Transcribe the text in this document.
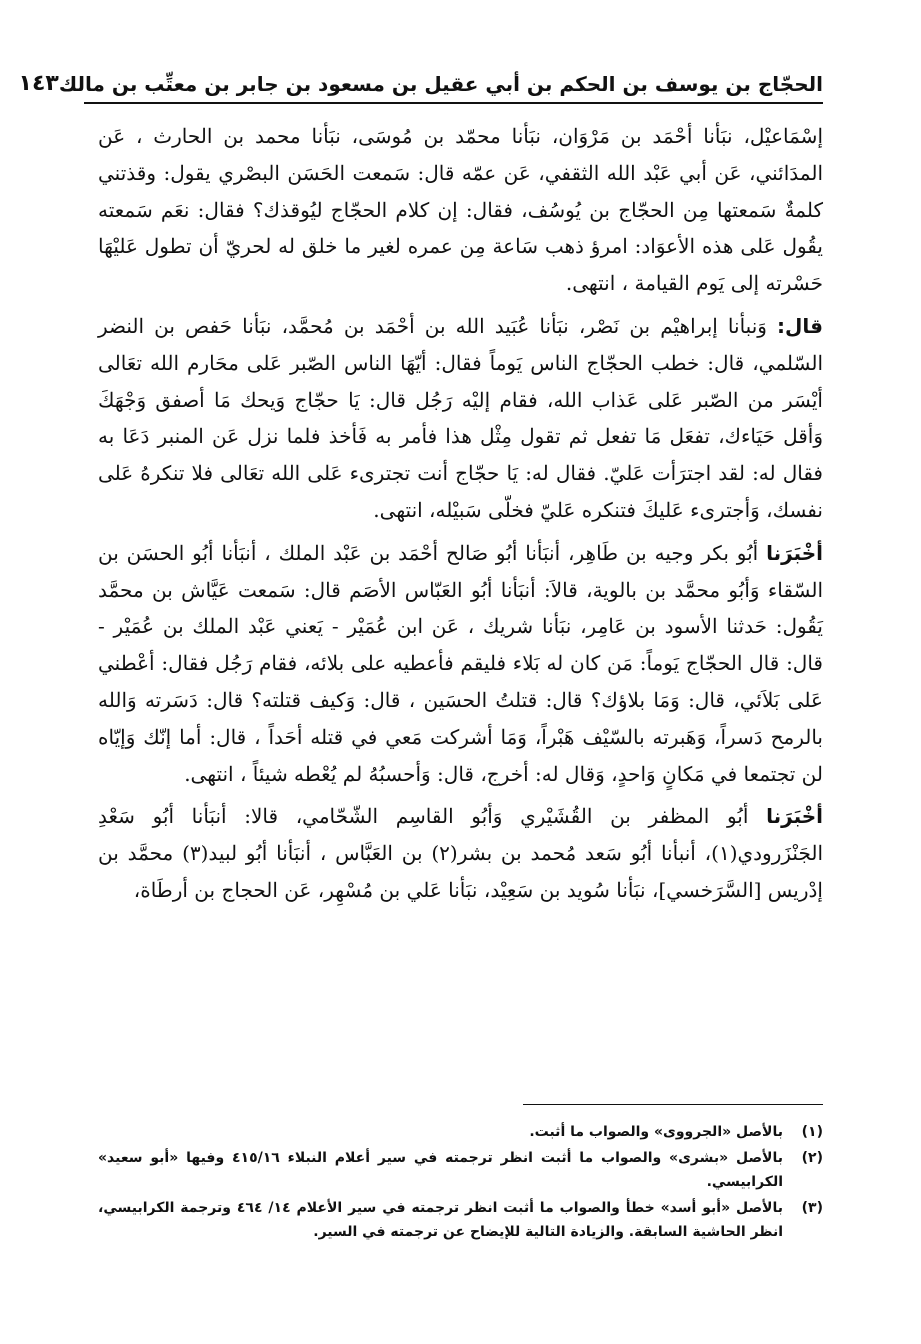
الحجّاج بن يوسف بن الحكم بن أبي عقيل بن مسعود بن جابر بن معتِّب بن مالك
١٤٣

إسْمَاعيْل، نبَأنا أحْمَد بن مَرْوَان، نبَأنا محمّد بن مُوسَى، نبَأنا محمد بن الحارث ، عَن المدَائني، عَن أبي عَبْد الله الثقفي، عَن عمّه قال: سَمعت الحَسَن البصْري يقول: وقذتني كلمةٌ سَمعتها مِن الحجّاج بن يُوسُف، فقال: إن كلام الحجّاج ليُوقذك؟ فقال: نعَم سَمعته يقُول عَلى هذه الأعوَاد: امرؤ ذهب سَاعة مِن عمره لغير ما خلق له لحريّ أن تطول عَليْهَا حَسْرته إلى يَوم القيامة ، انتهى.

قال: وَنبأنا إبراهيْم بن نَصْر، نبَأنا عُبَيد الله بن أحْمَد بن مُحمَّد، نبَأنا حَفص بن النضر السّلمي، قال: خطب الحجّاج الناس يَوماً فقال: أيّهَا الناس الصّبر عَلى محَارم الله تعَالى أيْسَر من الصّبر عَلى عَذاب الله، فقام إليْه رَجُل قال: يَا حجّاج وَيحك مَا أصفق وَجْهَكَ وَأقل حَيَاءك، تفعَل مَا تفعل ثم تقول مِثْل هذا فأمر به فَأخذ فلما نزل عَن المنبر دَعَا به فقال له: لقد اجترَأت عَليّ. فقال له: يَا حجّاج أنت تجترىء عَلى الله تعَالى فلا تنكرهُ عَلى نفسك، وَأجترىء عَليكَ فتنكره عَليّ فخلّى سَبيْله، انتهى.

أخْبَرَنا أبُو بكر وجيه بن طَاهِر، أنبَأنا أبُو صَالح أحْمَد بن عَبْد الملك ، أنبَأنا أبُو الحسَن بن السّقاء وَأبُو محمَّد بن بالوية، قالاَ: أنبَأنا أبُو العَبّاس الأصَم قال: سَمعت عَيَّاش بن محمَّد يَقُول: حَدثنا الأسود بن عَامِر، نبَأنا شريك ، عَن ابن عُمَيْر - يَعني عَبْد الملك بن عُمَيْر - قال: قال الحجّاج يَوماً: مَن كان له بَلاء فليقم فأعطيه على بلائه، فقام رَجُل فقال: أعْطني عَلى بَلاَئي، قال: وَمَا بلاؤك؟ قال: قتلتُ الحسَين ، قال: وَكيف قتلته؟ قال: دَسَرته وَالله بالرمح دَسراً، وَهَبرته بالسّيْف هَبْراً، وَمَا أشركت مَعي في قتله أحَداً ، قال: أما إنّك وَإيّاه لن تجتمعا في مَكانٍ وَاحدٍ، وَقال له: أخرج، قال: وَأحسبُهُ لم يُعْطه شيئاً ، انتهى.

أخْبَرَنا أبُو المظفر بن القُشَيْري وَأبُو القاسِم الشّحّامي، قالا: أنبَأنا أبُو سَعْدِ الجَنْزَرودي(١)، أنبأنا أبُو سَعد مُحمد بن بشر(٢) بن العَبَّاس ، أنبَأنا أبُو لبيد(٣) محمَّد بن إدْريس [السَّرَخسي]، نبَأنا سُويد بن سَعِيْد، نبَأنا عَلي بن مُسْهِر، عَن الحجاج بن أرطَاة،

(١)
بالأصل «الجرووى» والصواب ما أثبت.
(٢)
بالأصل «بشرى» والصواب ما أثبت انظر ترجمته في سير أعلام النبلاء ٤١٥/١٦ وفيها «أبو سعيد» الكرابيسي.
(٣)
بالأصل «أبو أسد» خطأ والصواب ما أثبت انظر ترجمته في سير الأعلام ١٤/ ٤٦٤ وترجمة الكرابيسي، انظر الحاشية السابقة. والزيادة التالية للإيضاح عن ترجمته في السير.
